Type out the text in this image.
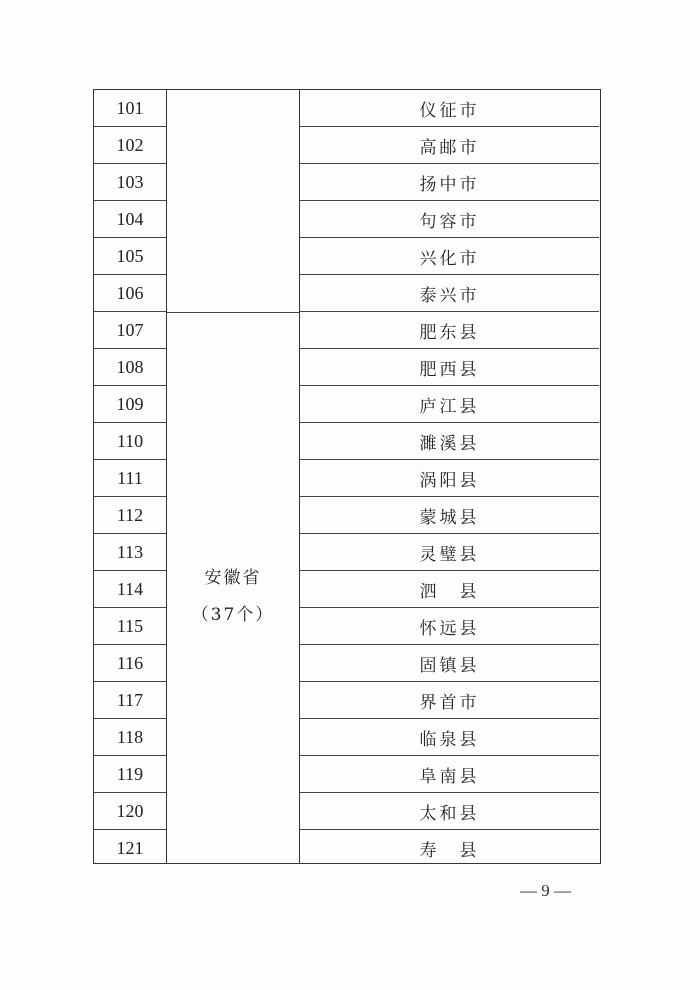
101
102
103
104
105
106
107
108
109
110
111
112
113
114
115
116
117
118
119
120
121
安徽省
（37个）
仪征市
高邮市
扬中市
句容市
兴化市
泰兴市
肥东县
肥西县
庐江县
濉溪县
涡阳县
蒙城县
灵璧县
泗　县
怀远县
固镇县
界首市
临泉县
阜南县
太和县
寿　县
— 9 —
